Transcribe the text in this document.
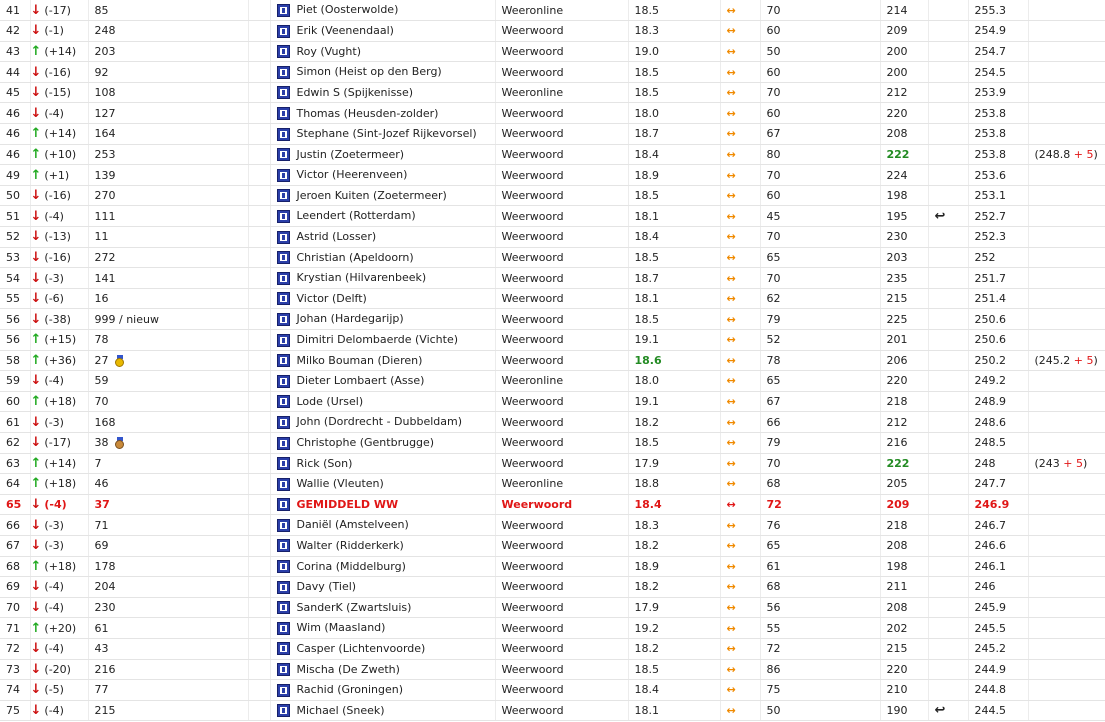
41	↓ (-17)	85		Piet (Oosterwolde)	Weeronline	18.5	↔	70	214		255.3	
42	↓ (-1)	248		Erik (Veenendaal)	Weerwoord	18.3	↔	60	209		254.9	
43	↑ (+14)	203		Roy (Vught)	Weerwoord	19.0	↔	50	200		254.7	
44	↓ (-16)	92		Simon (Heist op den Berg)	Weerwoord	18.5	↔	60	200		254.5	
45	↓ (-15)	108		Edwin S (Spijkenisse)	Weeronline	18.5	↔	70	212		253.9	
46	↓ (-4)	127		Thomas (Heusden-zolder)	Weerwoord	18.0	↔	60	220		253.8	
46	↑ (+14)	164		Stephane (Sint-Jozef Rijkevorsel)	Weerwoord	18.7	↔	67	208		253.8	
46	↑ (+10)	253		Justin (Zoetermeer)	Weerwoord	18.4	↔	80	222		253.8	(248.8 + 5)
49	↑ (+1)	139		Victor (Heerenveen)	Weerwoord	18.9	↔	70	224		253.6	
50	↓ (-16)	270		Jeroen Kuiten (Zoetermeer)	Weerwoord	18.5	↔	60	198		253.1	
51	↓ (-4)	111		Leendert (Rotterdam)	Weerwoord	18.1	↔	45	195	↩	252.7	
52	↓ (-13)	11		Astrid (Losser)	Weerwoord	18.4	↔	70	230		252.3	
53	↓ (-16)	272		Christian (Apeldoorn)	Weerwoord	18.5	↔	65	203		252	
54	↓ (-3)	141		Krystian (Hilvarenbeek)	Weerwoord	18.7	↔	70	235		251.7	
55	↓ (-6)	16		Victor (Delft)	Weerwoord	18.1	↔	62	215		251.4	
56	↓ (-38)	999 / nieuw		Johan (Hardegarijp)	Weerwoord	18.5	↔	79	225		250.6	
56	↑ (+15)	78		Dimitri Delombaerde (Vichte)	Weerwoord	19.1	↔	52	201		250.6	
58	↑ (+36)	27		Milko Bouman (Dieren)	Weerwoord	18.6	↔	78	206		250.2	(245.2 + 5)
59	↓ (-4)	59		Dieter Lombaert (Asse)	Weeronline	18.0	↔	65	220		249.2	
60	↑ (+18)	70		Lode (Ursel)	Weerwoord	19.1	↔	67	218		248.9	
61	↓ (-3)	168		John (Dordrecht - Dubbeldam)	Weerwoord	18.2	↔	66	212		248.6	
62	↓ (-17)	38		Christophe (Gentbrugge)	Weerwoord	18.5	↔	79	216		248.5	
63	↑ (+14)	7		Rick (Son)	Weerwoord	17.9	↔	70	222		248	(243 + 5)
64	↑ (+18)	46		Wallie (Vleuten)	Weeronline	18.8	↔	68	205		247.7	
65	↓ (-4)	37		GEMIDDELD WW	Weerwoord	18.4	↔	72	209		246.9	
66	↓ (-3)	71		Daniël (Amstelveen)	Weerwoord	18.3	↔	76	218		246.7	
67	↓ (-3)	69		Walter (Ridderkerk)	Weerwoord	18.2	↔	65	208		246.6	
68	↑ (+18)	178		Corina (Middelburg)	Weerwoord	18.9	↔	61	198		246.1	
69	↓ (-4)	204		Davy (Tiel)	Weerwoord	18.2	↔	68	211		246	
70	↓ (-4)	230		SanderK (Zwartsluis)	Weerwoord	17.9	↔	56	208		245.9	
71	↑ (+20)	61		Wim (Maasland)	Weerwoord	19.2	↔	55	202		245.5	
72	↓ (-4)	43		Casper (Lichtenvoorde)	Weerwoord	18.2	↔	72	215		245.2	
73	↓ (-20)	216		Mischa (De Zweth)	Weerwoord	18.5	↔	86	220		244.9	
74	↓ (-5)	77		Rachid (Groningen)	Weerwoord	18.4	↔	75	210		244.8	
75	↓ (-4)	215		Michael (Sneek)	Weerwoord	18.1	↔	50	190	↩	244.5	
